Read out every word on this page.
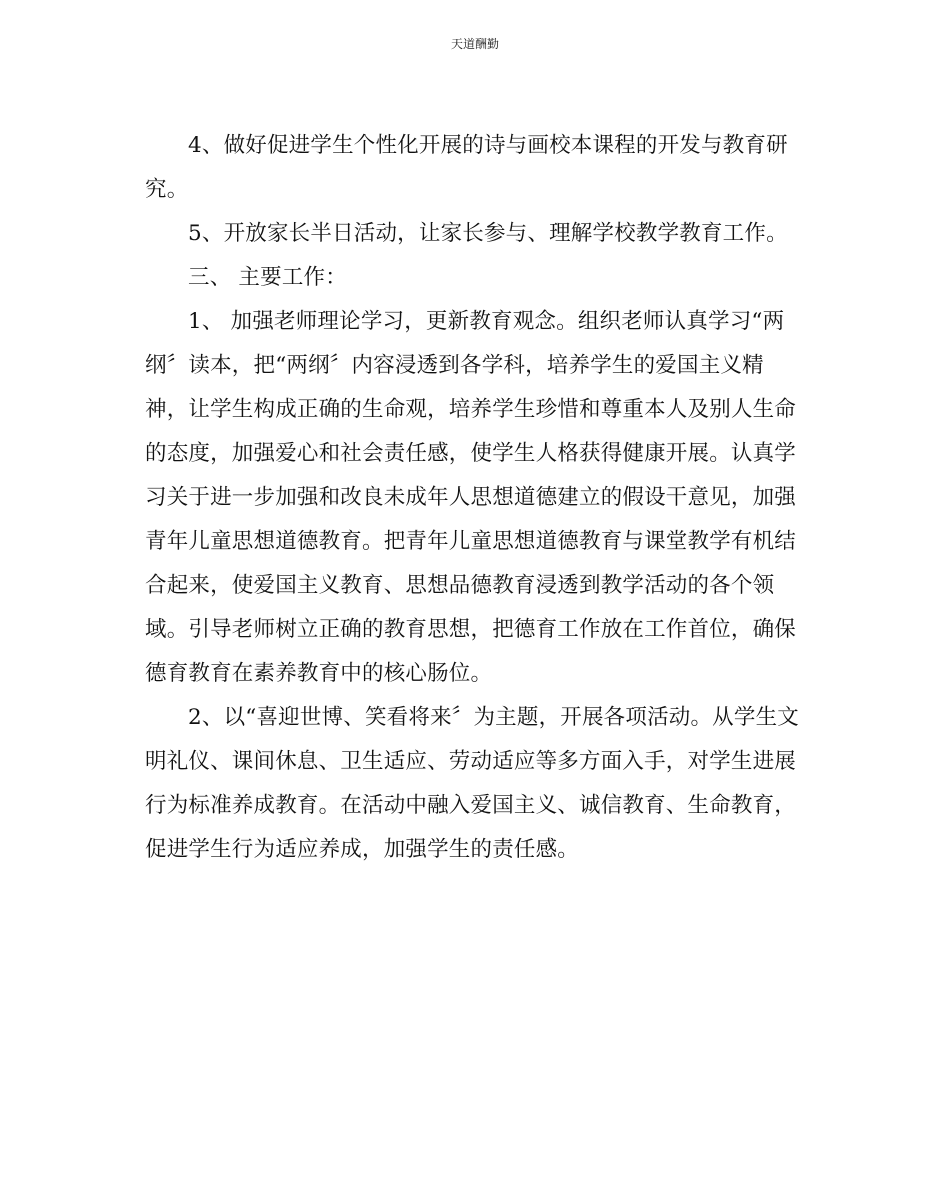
天道酬勤

4、做好促进学生个性化开展的诗与画校本课程的开发与教育研究。

5、开放家长半日活动，让家长参与、理解学校教学教育工作。

三、 主要工作：

1、 加强老师理论学习，更新教育观念。组织老师认真学习“两纲〞读本，把“两纲〞内容浸透到各学科，培养学生的爱国主义精神，让学生构成正确的生命观，培养学生珍惜和尊重本人及别人生命的态度，加强爱心和社会责任感，使学生人格获得健康开展。认真学习关于进一步加强和改良未成年人思想道德建立的假设干意见，加强青年儿童思想道德教育。把青年儿童思想道德教育与课堂教学有机结合起来，使爱国主义教育、思想品德教育浸透到教学活动的各个领域。引导老师树立正确的教育思想，把德育工作放在工作首位，确保德育教育在素养教育中的核心肠位。

2、以“喜迎世博、笑看将来〞为主题，开展各项活动。从学生文明礼仪、课间休息、卫生适应、劳动适应等多方面入手，对学生进展行为标准养成教育。在活动中融入爱国主义、诚信教育、生命教育，促进学生行为适应养成，加强学生的责任感。
